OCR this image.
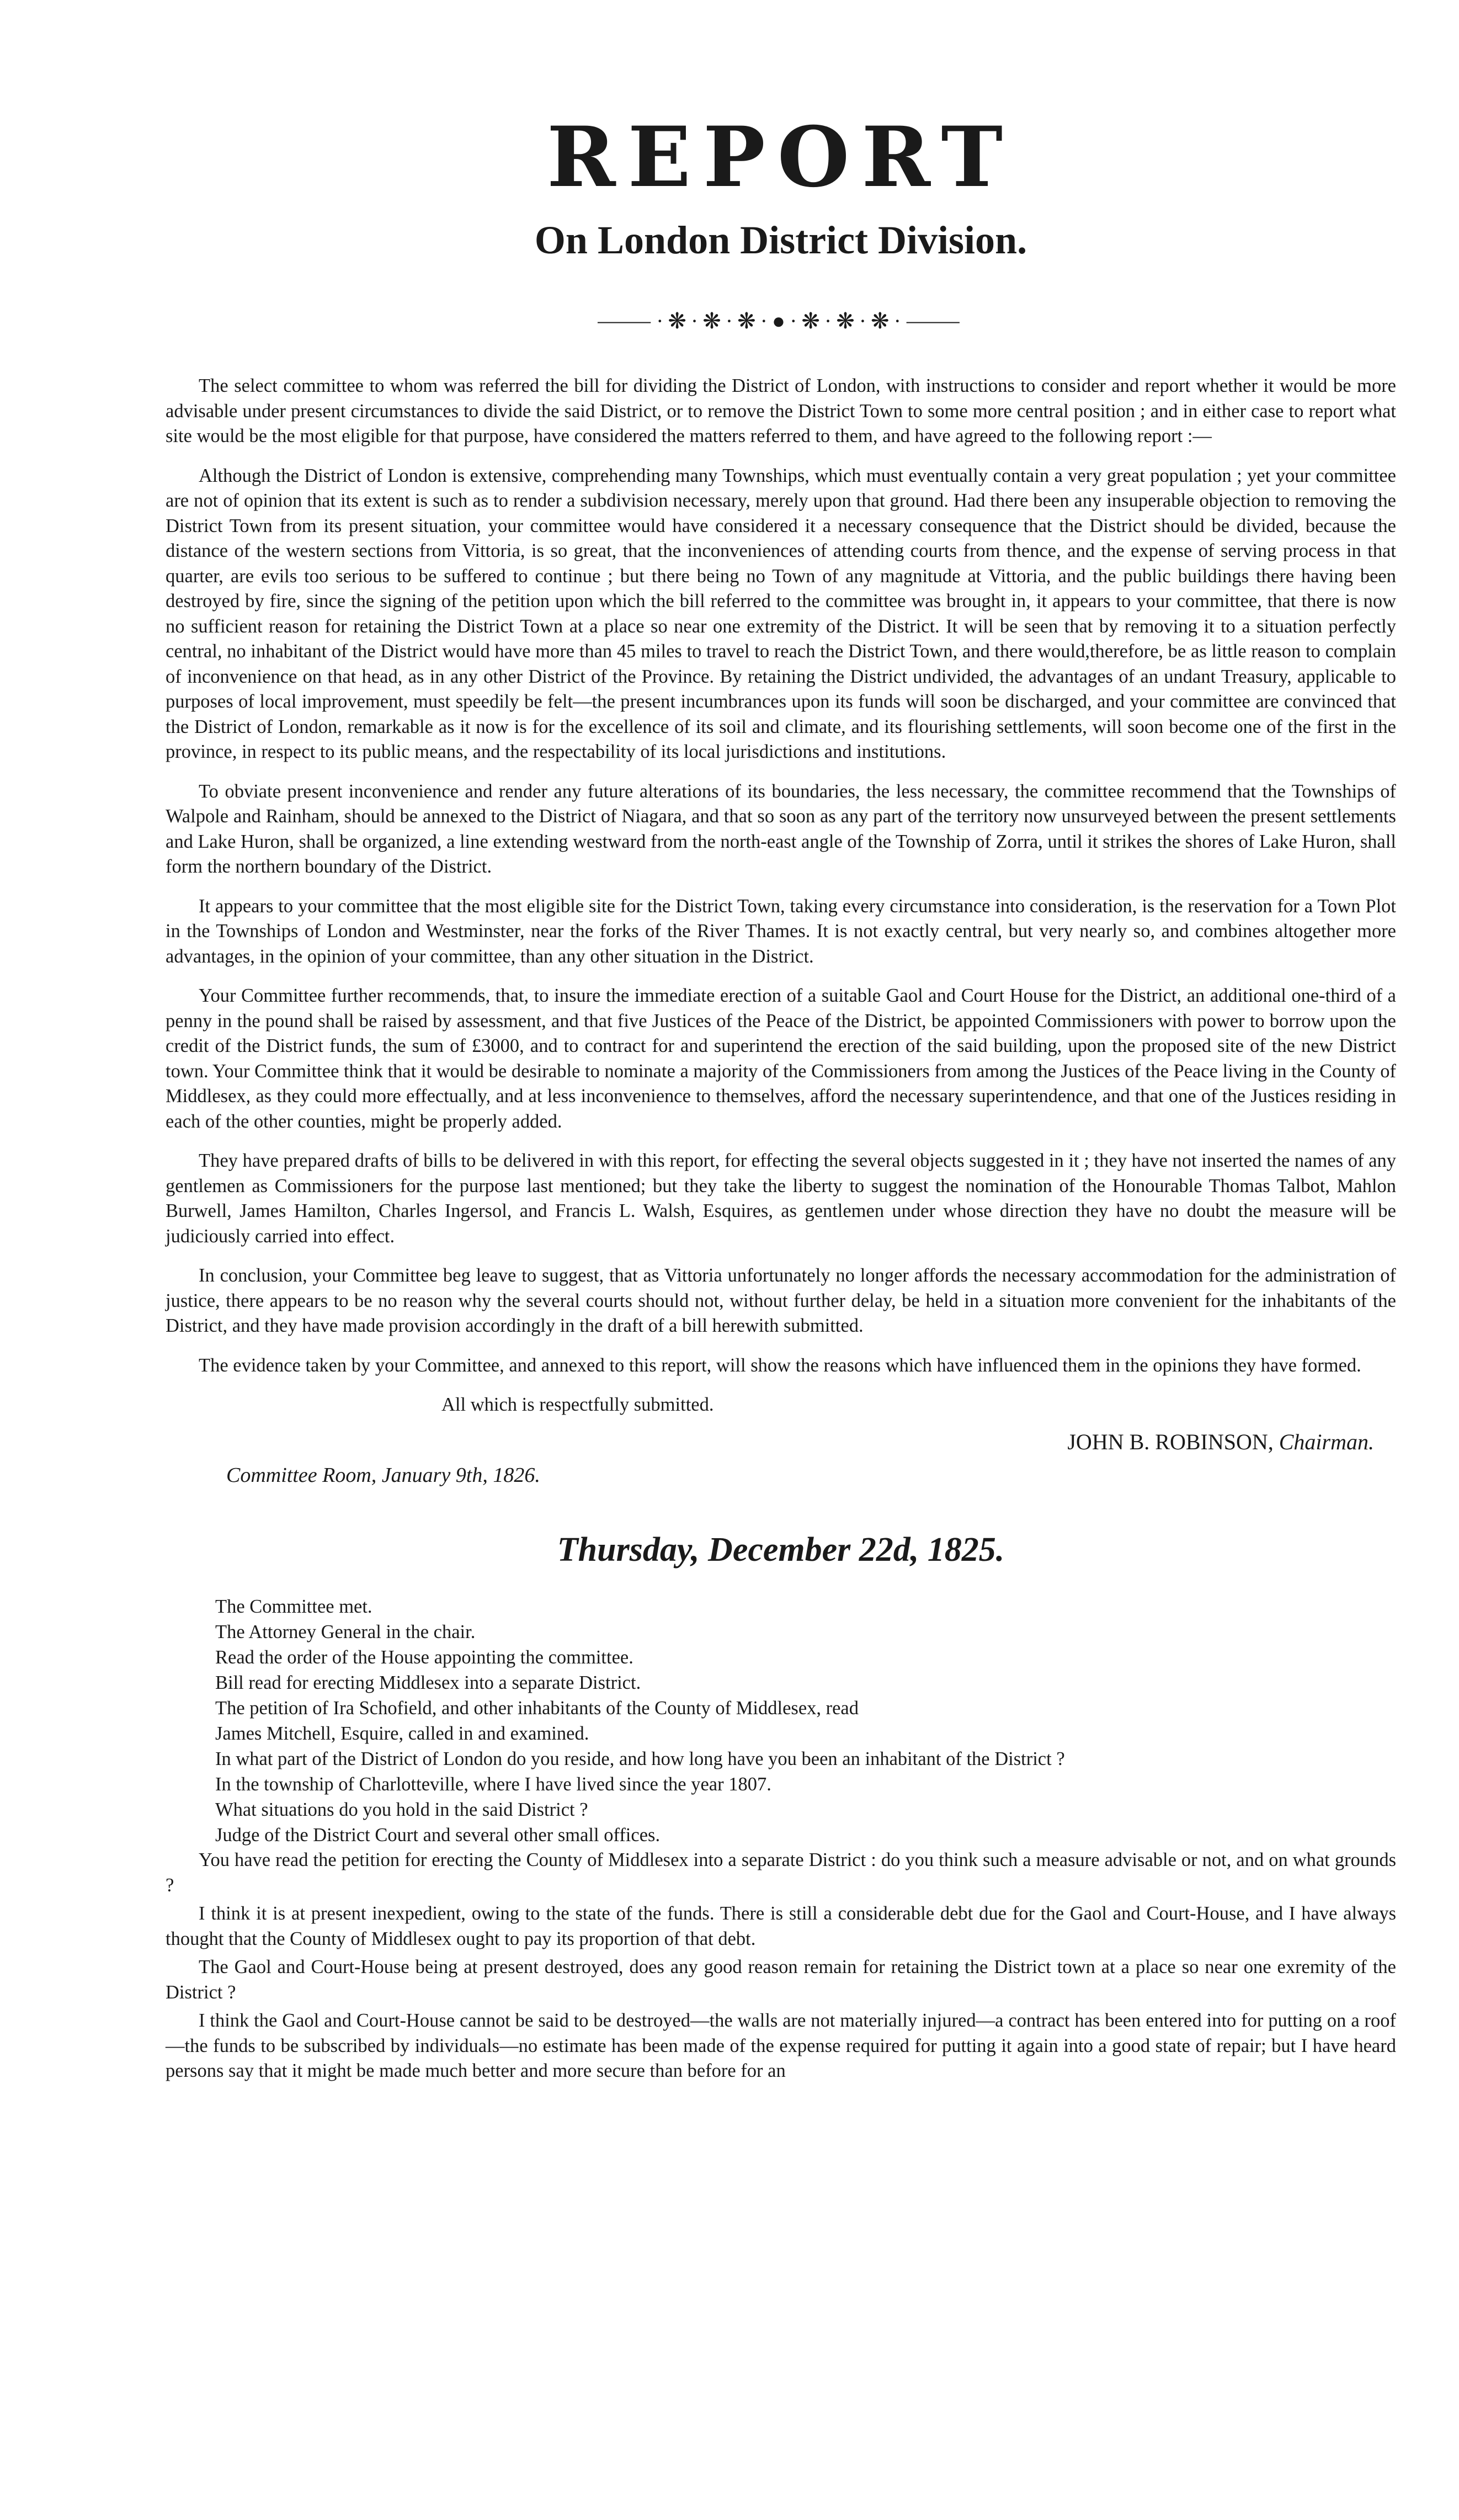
REPORT
On London District Division.
⸻·❋·❋·❋·●·❋·❋·❋·⸻

The select committee to whom was referred the bill for dividing the District of London, with instructions to consider and report whether it would be more advisable under present circumstances to divide the said District, or to remove the District Town to some more central position ; and in either case to report what site would be the most eligible for that purpose, have considered the matters referred to them, and have agreed to the following report :—

Although the District of London is extensive, comprehending many Townships, which must eventually contain a very great population ; yet your committee are not of opinion that its extent is such as to render a subdivision necessary, merely upon that ground. Had there been any insuperable objection to removing the District Town from its present situation, your committee would have considered it a necessary consequence that the District should be divided, because the distance of the western sections from Vittoria, is so great, that the inconveniences of attending courts from thence, and the expense of serving process in that quarter, are evils too serious to be suffered to continue ; but there being no Town of any magnitude at Vittoria, and the public buildings there having been destroyed by fire, since the signing of the petition upon which the bill referred to the committee was brought in, it appears to your committee, that there is now no sufficient reason for retaining the District Town at a place so near one extremity of the District. It will be seen that by removing it to a situation perfectly central, no inhabitant of the District would have more than 45 miles to travel to reach the District Town, and there would,therefore, be as little reason to complain of inconvenience on that head, as in any other District of the Province. By retaining the District undivided, the advantages of an undant Treasury, applicable to purposes of local improvement, must speedily be felt—the present incumbrances upon its funds will soon be discharged, and your committee are convinced that the District of London, remarkable as it now is for the excellence of its soil and climate, and its flourishing settlements, will soon become one of the first in the province, in respect to its public means, and the respectability of its local jurisdictions and institutions.

To obviate present inconvenience and render any future alterations of its boundaries, the less necessary, the committee recommend that the Townships of Walpole and Rainham, should be annexed to the District of Niagara, and that so soon as any part of the territory now unsurveyed between the present settlements and Lake Huron, shall be organized, a line extending westward from the north-east angle of the Township of Zorra, until it strikes the shores of Lake Huron, shall form the northern boundary of the District.

It appears to your committee that the most eligible site for the District Town, taking every circumstance into consideration, is the reservation for a Town Plot in the Townships of London and Westminster, near the forks of the River Thames. It is not exactly central, but very nearly so, and combines altogether more advantages, in the opinion of your committee, than any other situation in the District.

Your Committee further recommends, that, to insure the immediate erection of a suitable Gaol and Court House for the District, an additional one-third of a penny in the pound shall be raised by assessment, and that five Justices of the Peace of the District, be appointed Commissioners with power to borrow upon the credit of the District funds, the sum of £3000, and to contract for and superintend the erection of the said building, upon the proposed site of the new District town. Your Committee think that it would be desirable to nominate a majority of the Commissioners from among the Justices of the Peace living in the County of Middlesex, as they could more effectually, and at less inconvenience to themselves, afford the necessary superintendence, and that one of the Justices residing in each of the other counties, might be properly added.

They have prepared drafts of bills to be delivered in with this report, for effecting the several objects suggested in it ; they have not inserted the names of any gentlemen as Commissioners for the purpose last mentioned; but they take the liberty to suggest the nomination of the Honourable Thomas Talbot, Mahlon Burwell, James Hamilton, Charles Ingersol, and Francis L. Walsh, Esquires, as gentlemen under whose direction they have no doubt the measure will be judiciously carried into effect.

In conclusion, your Committee beg leave to suggest, that as Vittoria unfortunately no longer affords the necessary accommodation for the administration of justice, there appears to be no reason why the several courts should not, without further delay, be held in a situation more convenient for the inhabitants of the District, and they have made provision accordingly in the draft of a bill herewith submitted.

The evidence taken by your Committee, and annexed to this report, will show the reasons which have influenced them in the opinions they have formed.

All which is respectfully submitted.
JOHN B. ROBINSON, Chairman.
Committee Room, January 9th, 1826.
Thursday, December 22d, 1825.
The Committee met.
The Attorney General in the chair.
Read the order of the House appointing the committee.
Bill read for erecting Middlesex into a separate District.
The petition of Ira Schofield, and other inhabitants of the County of Middlesex, read
James Mitchell, Esquire, called in and examined.
In what part of the District of London do you reside, and how long have you been an inhabitant of the District ?
In the township of Charlotteville, where I have lived since the year 1807.
What situations do you hold in the said District ?
Judge of the District Court and several other small offices.

You have read the petition for erecting the County of Middlesex into a separate District : do you think such a measure advisable or not, and on what grounds ?

I think it is at present inexpedient, owing to the state of the funds. There is still a considerable debt due for the Gaol and Court-House, and I have always thought that the County of Middlesex ought to pay its proportion of that debt.

The Gaol and Court-House being at present destroyed, does any good reason remain for retaining the District town at a place so near one exremity of the District ?

I think the Gaol and Court-House cannot be said to be destroyed—the walls are not materially injured—a contract has been entered into for putting on a roof—the funds to be subscribed by individuals—no estimate has been made of the expense required for putting it again into a good state of repair; but I have heard persons say that it might be made much better and more secure than before for an
